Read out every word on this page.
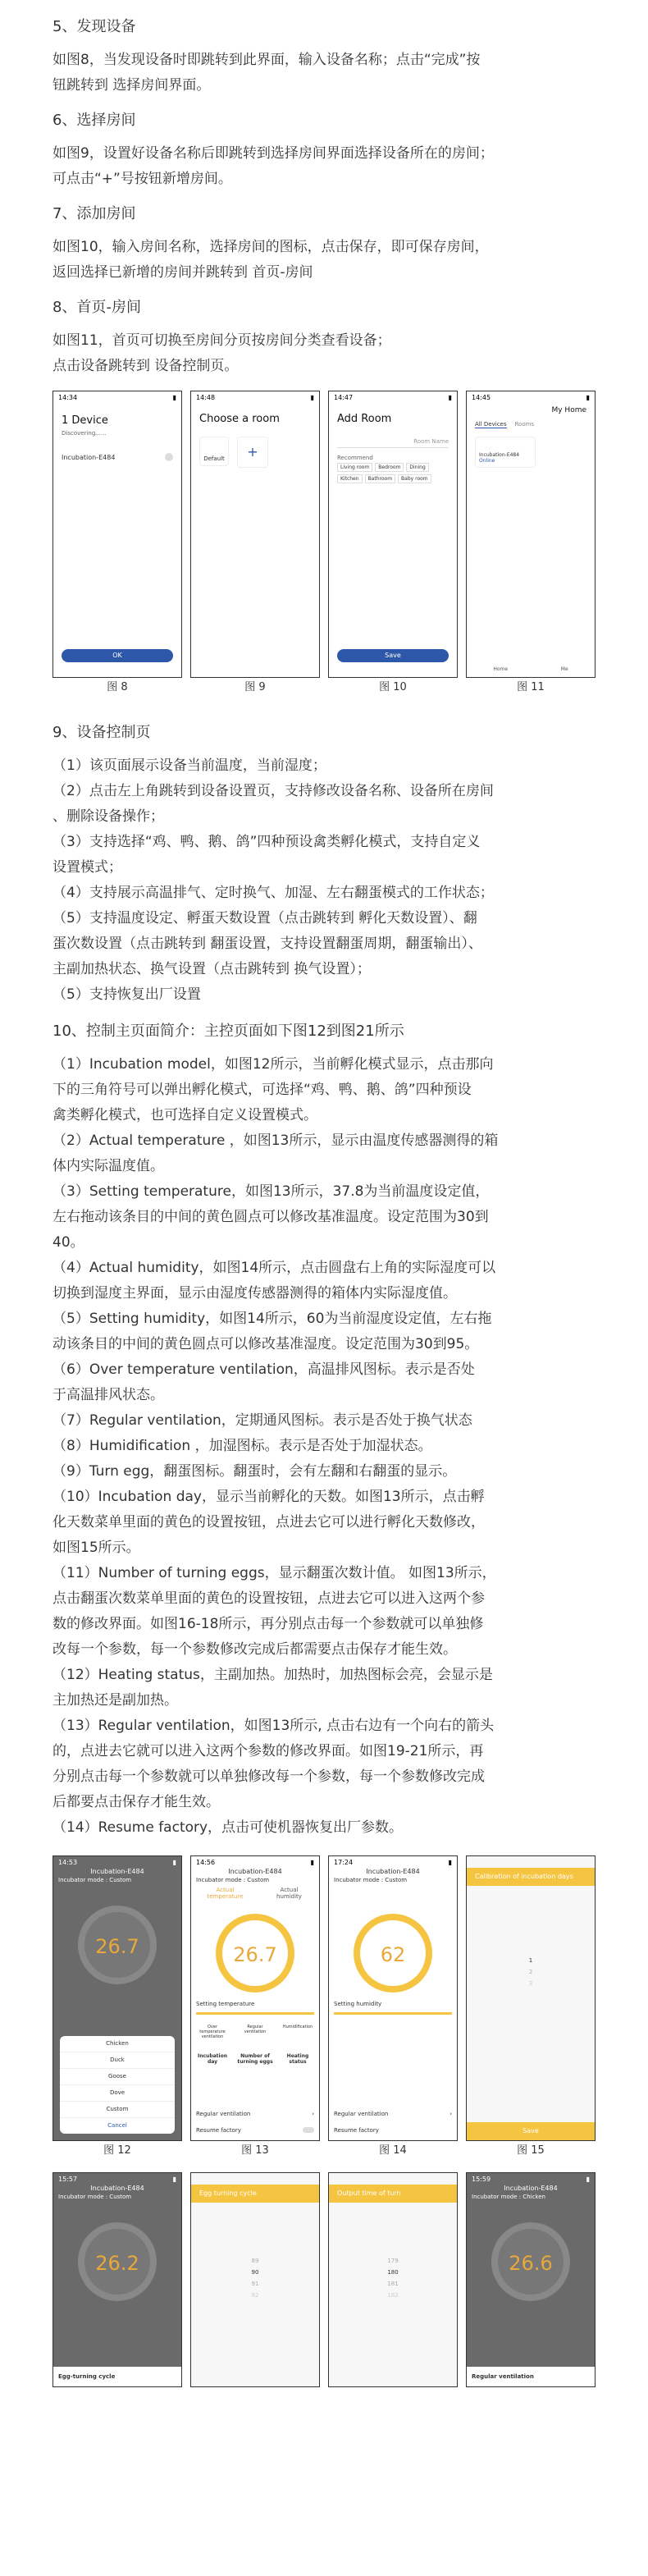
5、发现设备
如图8，当发现设备时即跳转到此界面，输入设备名称；点击“完成”按
钮跳转到 选择房间界面。
6、选择房间
如图9，设置好设备名称后即跳转到选择房间界面选择设备所在的房间；
可点击“+”号按钮新增房间。
7、添加房间
如图10，输入房间名称，选择房间的图标，点击保存，即可保存房间，
返回选择已新增的房间并跳转到 首页-房间
8、首页-房间
如图11，首页可切换至房间分页按房间分类查看设备；
点击设备跳转到 设备控制页。
14:34	▮
1 Device
Discovering......
Incubation-E484
OK
图 8
14:48	▮
Choose a room
Default	+
图 9
14:47	▮
Add Room
Room Name
Recommend
Living room	Bedroom	Dining
Kitchen	Bathroom	Baby room
Save
图 10
14:45	▮
My Home
All Devices Rooms
Incubation-E484
Online
Home	Me
图 11
9、设备控制页
（1）该页面展示设备当前温度，当前湿度；
（2）点击左上角跳转到设备设置页，支持修改设备名称、设备所在房间
、删除设备操作；
（3）支持选择“鸡、鸭、鹅、鸽”四种预设禽类孵化模式，支持自定义
设置模式；
（4）支持展示高温排气、定时换气、加湿、左右翻蛋模式的工作状态；
（5）支持温度设定、孵蛋天数设置（点击跳转到 孵化天数设置）、翻
蛋次数设置（点击跳转到 翻蛋设置，支持设置翻蛋周期，翻蛋输出）、
主副加热状态、换气设置（点击跳转到 换气设置）；
（5）支持恢复出厂设置
10、控制主页面简介：主控页面如下图12到图21所示
（1）Incubation model，如图12所示，当前孵化模式显示，点击那向
下的三角符号可以弹出孵化模式，可选择“鸡、鸭、鹅、鸽”四种预设
禽类孵化模式，也可选择自定义设置模式。
（2）Actual temperature ，如图13所示，显示由温度传感器测得的箱
体内实际温度值。
（3）Setting temperature，如图13所示，37.8为当前温度设定值，
左右拖动该条目的中间的黄色圆点可以修改基准温度。设定范围为30到
40。
（4）Actual humidity，如图14所示，点击圆盘右上角的实际湿度可以
切换到湿度主界面，显示由湿度传感器测得的箱体内实际湿度值。
（5）Setting humidity，如图14所示，60为当前湿度设定值，左右拖
动该条目的中间的黄色圆点可以修改基准湿度。设定范围为30到95。
（6）Over temperature ventilation，高温排风图标。表示是否处
于高温排风状态。
（7）Regular ventilation，定期通风图标。表示是否处于换气状态
（8）Humidification ，加湿图标。表示是否处于加湿状态。
（9）Turn egg，翻蛋图标。翻蛋时，会有左翻和右翻蛋的显示。
（10）Incubation day，显示当前孵化的天数。如图13所示，点击孵
化天数菜单里面的黄色的设置按钮，点进去它可以进行孵化天数修改，
如图15所示。
（11）Number of turning eggs，显示翻蛋次数计值。 如图13所示，
点击翻蛋次数菜单里面的黄色的设置按钮，点进去它可以进入这两个参
数的修改界面。如图16-18所示，再分别点击每一个参数就可以单独修
改每一个参数，每一个参数修改完成后都需要点击保存才能生效。
（12）Heating status，主副加热。加热时，加热图标会亮，会显示是
主加热还是副加热。
（13）Regular ventilation，如图13所示, 点击右边有一个向右的箭头
的，点进去它就可以进入这两个参数的修改界面。如图19-21所示，再
分别点击每一个参数就可以单独修改每一个参数，每一个参数修改完成
后都要点击保存才能生效。
（14）Resume factory，点击可使机器恢复出厂参数。
14:53	▮
Incubation-E484
Incubator mode : Custom
26.7
Chicken
Duck
Goose
Dove
Custom
Cancel
图 12
14:56	▮
Incubation-E484
Incubator mode : Custom
Actual temperature
Actual humidity
26.7
Setting temperature
Over temperature ventilation
Regular ventilation
Humidification
Incubation day
Number of turning eggs
Heating status
Regular ventilation	›
Resume factory
图 13
17:24	▮
Incubation-E484
Incubator mode : Custom
62
Setting humidity
Regular ventilation	›
Resume factory
图 14
Calibration of incubation days
1
2
3
Save
图 15
15:57	▮
Incubation-E484
Incubator mode : Custom
26.2
Egg-turning cycle
Egg turning cycle
89
90
91
92
Output time of turn
179
180
181
182
15:59	▮
Incubation-E484
Incubator mode : Chicken
26.6
Regular ventilation
